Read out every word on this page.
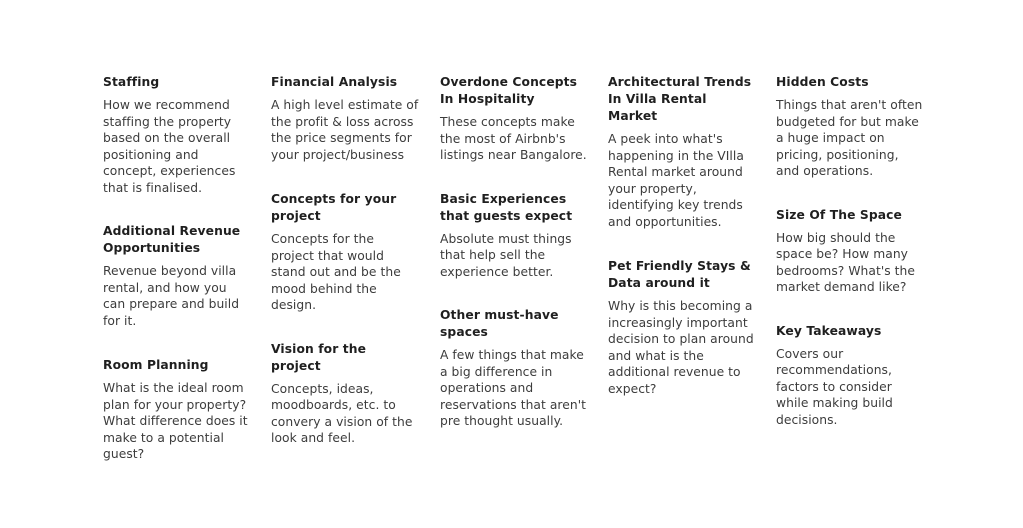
Staffing

How we recommend staffing the property based on the overall positioning and concept, experiences that is finalised.

Additional Revenue Opportunities

Revenue beyond villa rental, and how you can prepare and build for it.

Room Planning

What is the ideal room plan for your property? What difference does it make to a potential guest?

Financial Analysis

A high level estimate of the profit & loss across the price segments for your project/business

Concepts for your project

Concepts for the project that would stand out and be the mood behind the design.

Vision for the project

Concepts, ideas, moodboards, etc. to convery a vision of the look and feel.

Overdone Concepts In Hospitality

These concepts make the most of Airbnb's listings near Bangalore.

Basic Experiences that guests expect

Absolute must things that help sell the experience better.

Other must-have spaces

A few things that make a big difference in operations and reservations that aren't pre thought usually.

Architectural Trends In Villa Rental Market

A peek into what's happening in the VIlla Rental market around your property, identifying key trends and opportunities.

Pet Friendly Stays & Data around it

Why is this becoming a increasingly important decision to plan around and what is the additional revenue to expect?

Hidden Costs

Things that aren't often budgeted for but make a huge impact on pricing, positioning, and operations.

Size Of The Space

How big should the space be? How many bedrooms? What's the market demand like?

Key Takeaways

Covers our recommendations, factors to consider while making build decisions.
